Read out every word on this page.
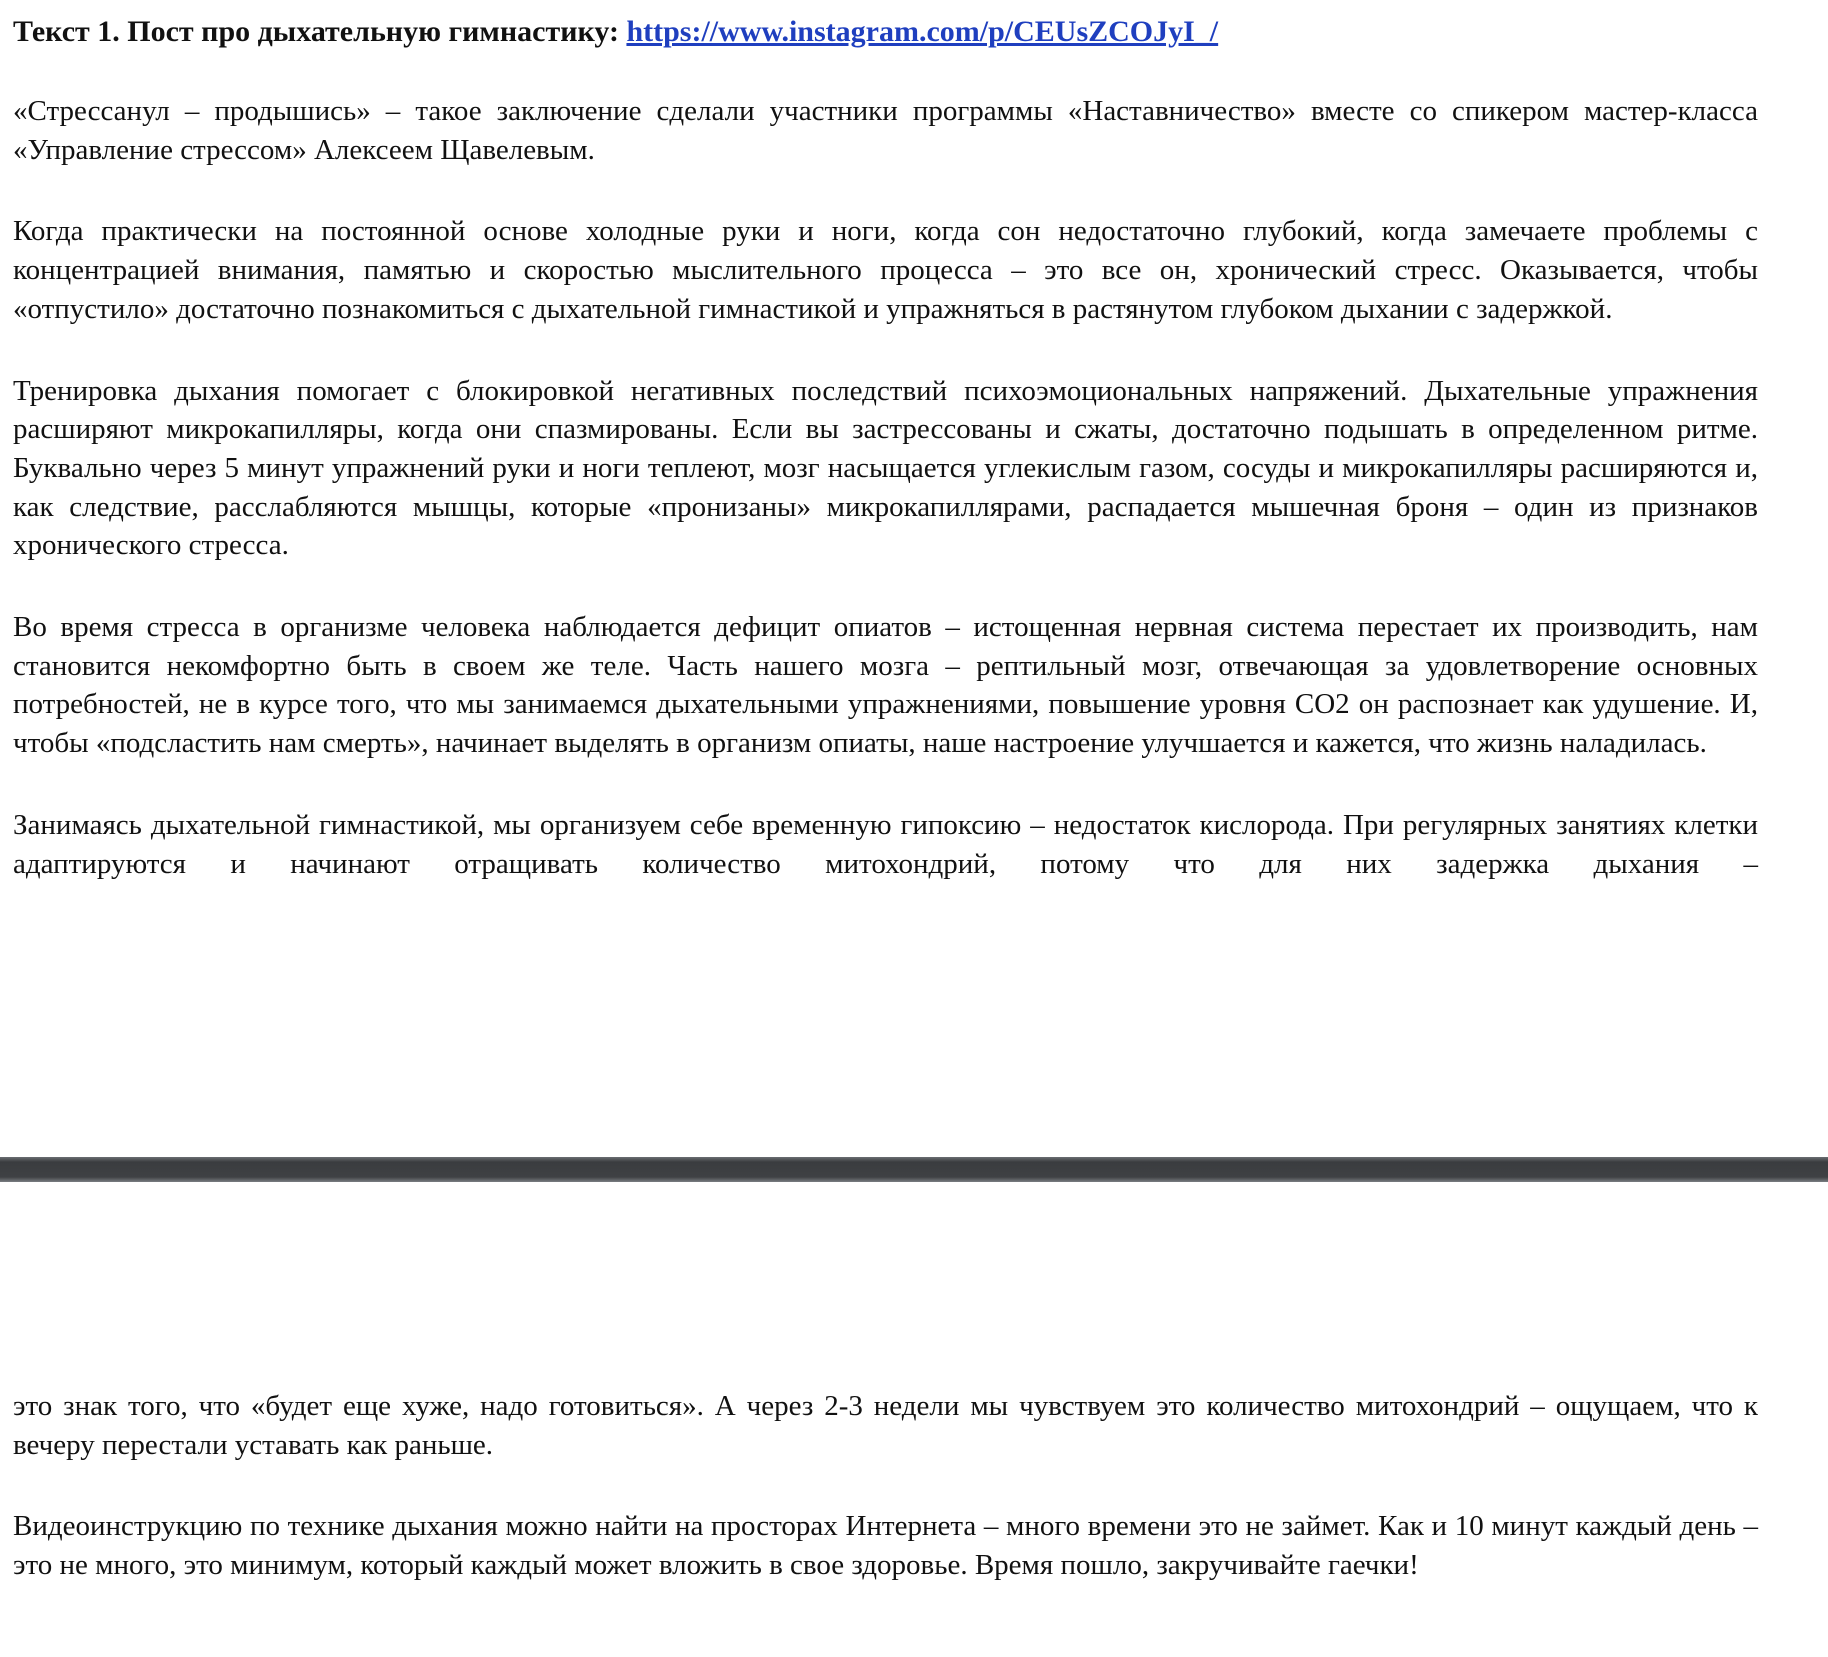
Текст 1. Пост про дыхательную гимнастику: https://www.instagram.com/p/CEUsZCOJyI_/

«Стрессанул – продышись» – такое заключение сделали участники программы «Наставничество» вместе со спикером мастер-класса «Управление стрессом» Алексеем Щавелевым.

Когда практически на постоянной основе холодные руки и ноги, когда сон недостаточно глубокий, когда замечаете проблемы с концентрацией внимания, памятью и скоростью мыслительного процесса – это все он, хронический стресс. Оказывается, чтобы «отпустило» достаточно познакомиться с дыхательной гимнастикой и упражняться в растянутом глубоком дыхании с задержкой.

Тренировка дыхания помогает с блокировкой негативных последствий психоэмоциональных напряжений. Дыхательные упражнения расширяют микрокапилляры, когда они спазмированы. Если вы застрессованы и сжаты, достаточно подышать в определенном ритме. Буквально через 5 минут упражнений руки и ноги теплеют, мозг насыщается углекислым газом, сосуды и микрокапилляры расширяются и, как следствие, расслабляются мышцы, которые «пронизаны» микрокапиллярами, распадается мышечная броня – один из признаков хронического стресса.

Во время стресса в организме человека наблюдается дефицит опиатов – истощенная нервная система перестает их производить, нам становится некомфортно быть в своем же теле. Часть нашего мозга – рептильный мозг, отвечающая за удовлетворение основных потребностей, не в курсе того, что мы занимаемся дыхательными упражнениями, повышение уровня СО2 он распознает как удушение. И, чтобы «подсластить нам смерть», начинает выделять в организм опиаты, наше настроение улучшается и кажется, что жизнь наладилась.

Занимаясь дыхательной гимнастикой, мы организуем себе временную гипоксию – недостаток кислорода. При регулярных занятиях клетки адаптируются и начинают отращивать количество митохондрий, потому что для них задержка дыхания –

это знак того, что «будет еще хуже, надо готовиться». А через 2-3 недели мы чувствуем это количество митохондрий – ощущаем, что к вечеру перестали уставать как раньше.

Видеоинструкцию по технике дыхания можно найти на просторах Интернета – много времени это не займет. Как и 10 минут каждый день – это не много, это минимум, который каждый может вложить в свое здоровье. Время пошло, закручивайте гаечки!
